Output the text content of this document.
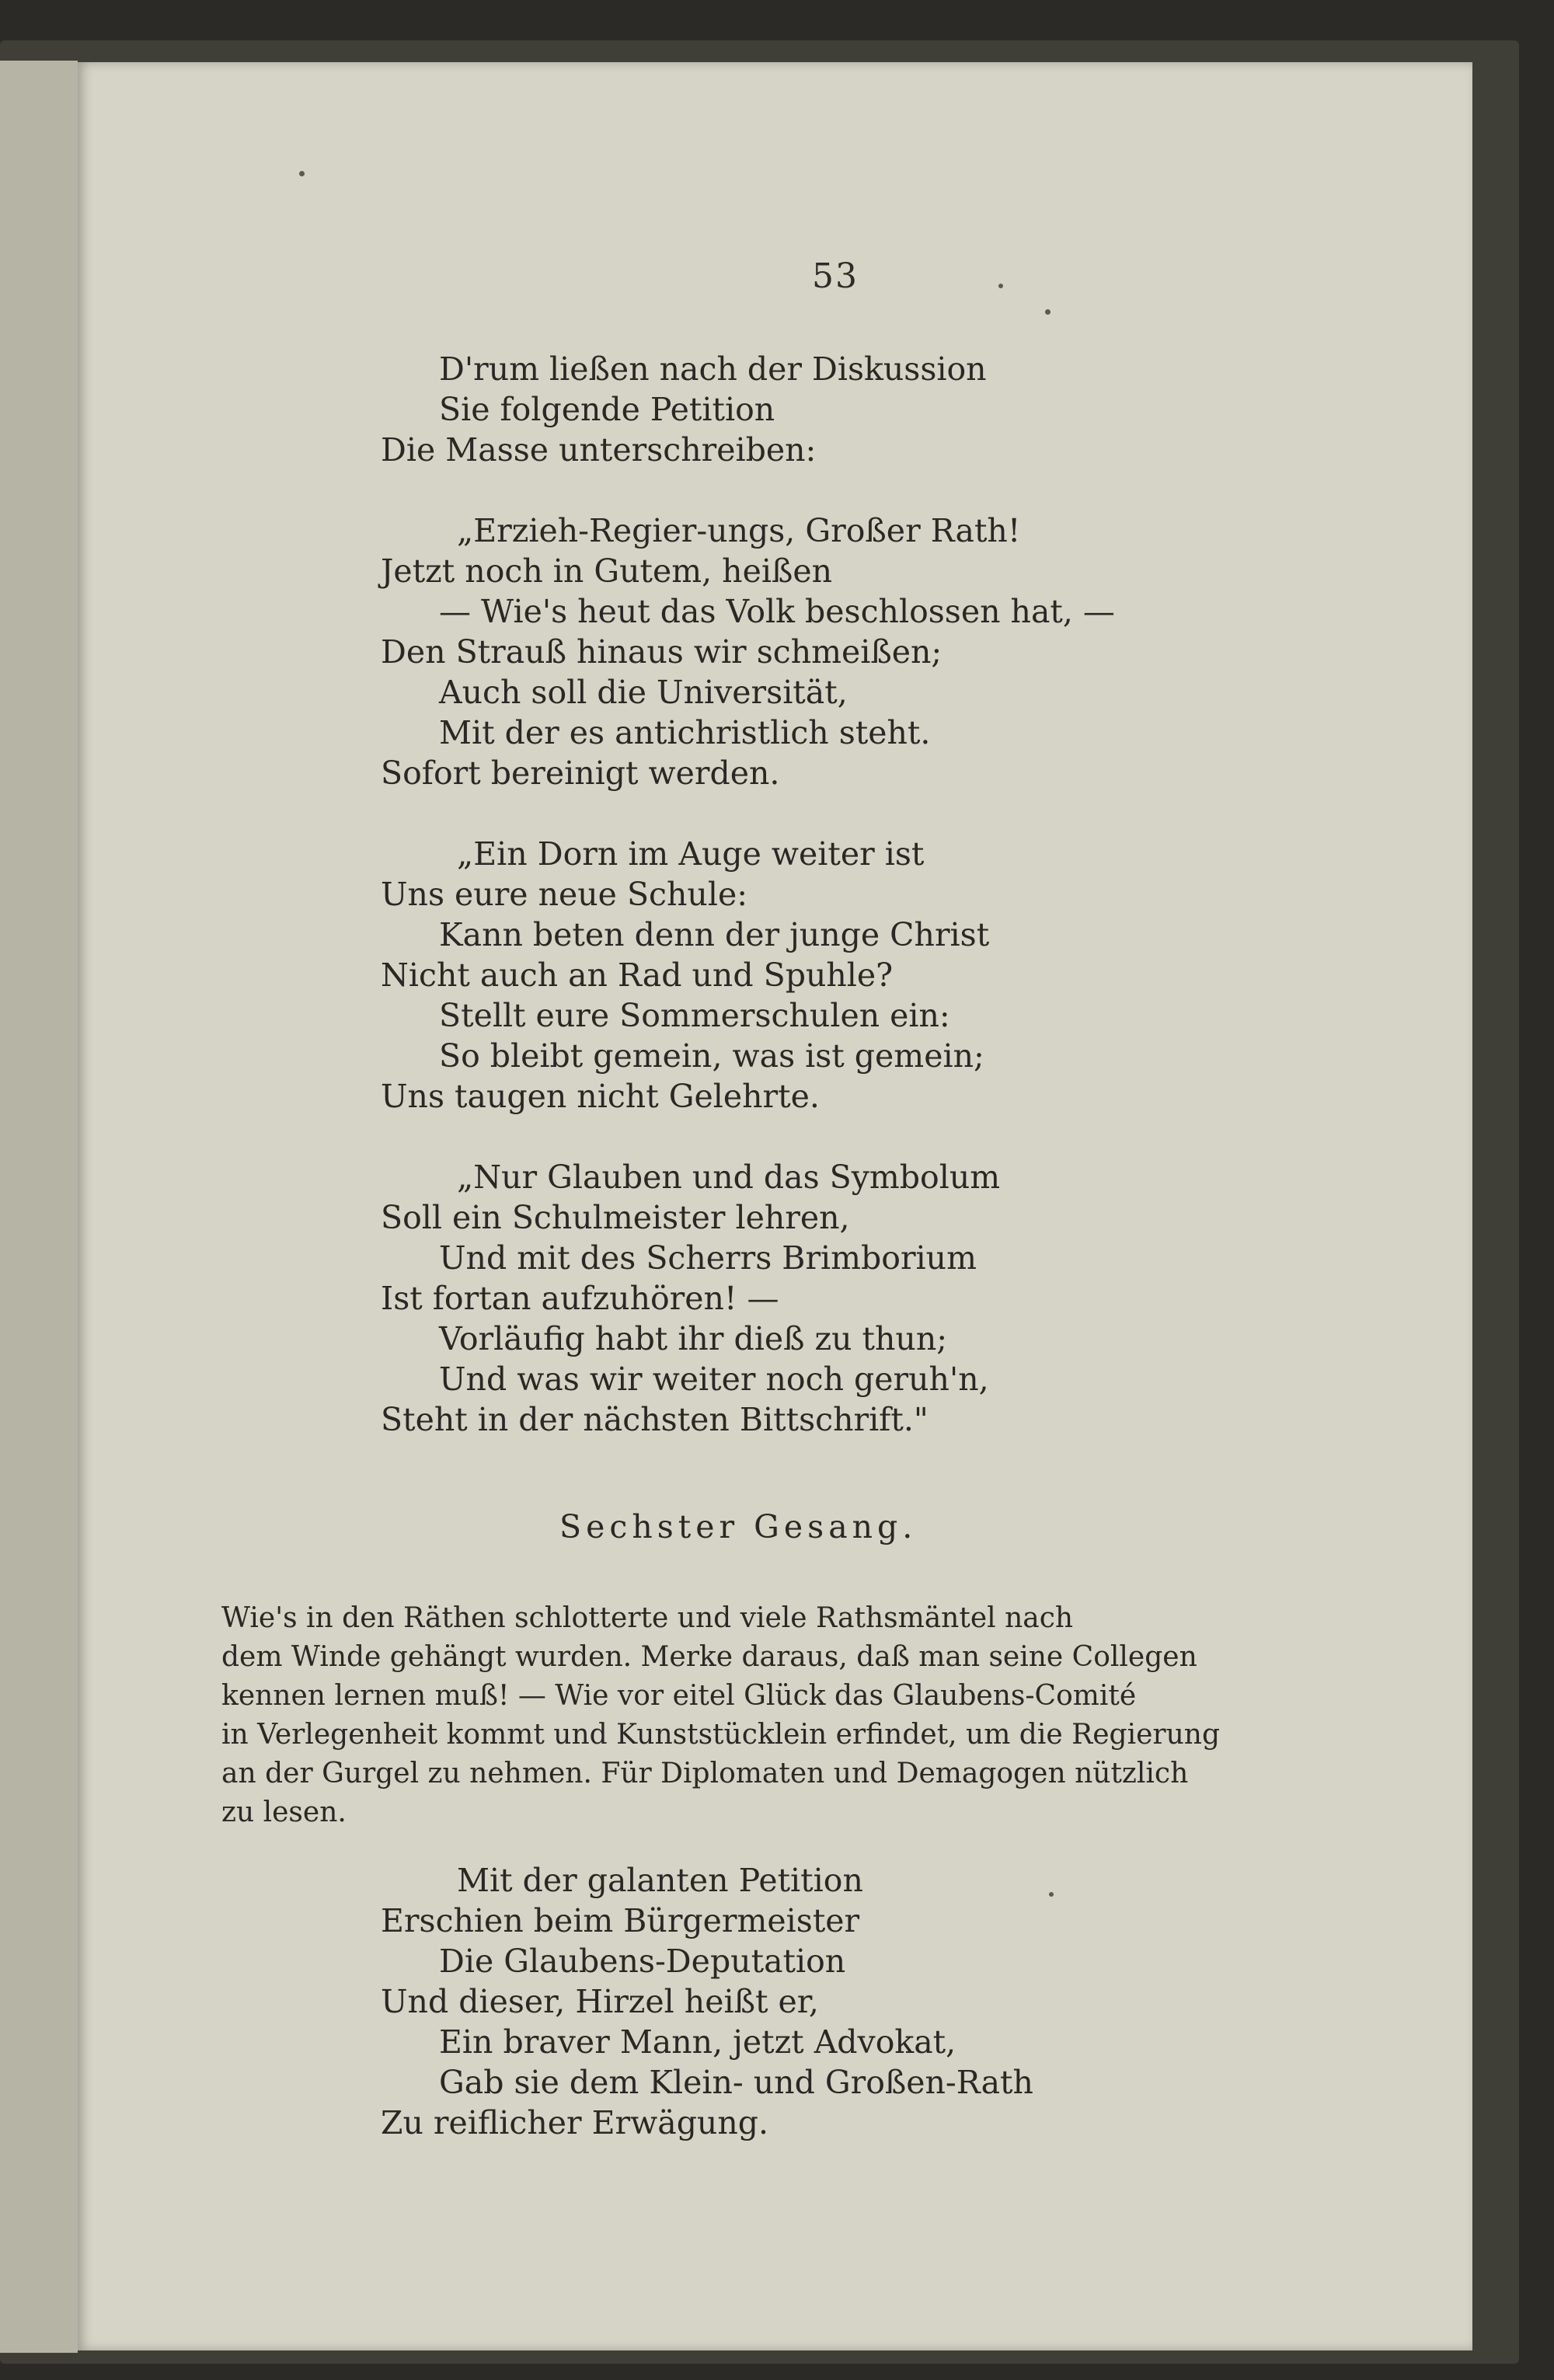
53
D'rum ließen nach der Diskussion
Sie folgende Petition
Die Masse unterschreiben:
„Erzieh-Regier-ungs, Großer Rath!
Jetzt noch in Gutem, heißen
— Wie's heut das Volk beschlossen hat, —
Den Strauß hinaus wir schmeißen;
Auch soll die Universität,
Mit der es antichristlich steht.
Sofort bereinigt werden.
„Ein Dorn im Auge weiter ist
Uns eure neue Schule:
Kann beten denn der junge Christ
Nicht auch an Rad und Spuhle?
Stellt eure Sommerschulen ein:
So bleibt gemein, was ist gemein;
Uns taugen nicht Gelehrte.
„Nur Glauben und das Symbolum
Soll ein Schulmeister lehren,
Und mit des Scherrs Brimborium
Ist fortan aufzuhören! —
Vorläufig habt ihr dieß zu thun;
Und was wir weiter noch geruh'n,
Steht in der nächsten Bittschrift."
Sechster Gesang.
Wie's in den Räthen schlotterte und viele Rathsmäntel nach
dem Winde gehängt wurden. Merke daraus, daß man seine Collegen
kennen lernen muß! — Wie vor eitel Glück das Glaubens-Comité
in Verlegenheit kommt und Kunststücklein erfindet, um die Regierung
an der Gurgel zu nehmen. Für Diplomaten und Demagogen nützlich
zu lesen.
Mit der galanten Petition
Erschien beim Bürgermeister
Die Glaubens-Deputation
Und dieser, Hirzel heißt er,
Ein braver Mann, jetzt Advokat,
Gab sie dem Klein- und Großen-Rath
Zu reiflicher Erwägung.
